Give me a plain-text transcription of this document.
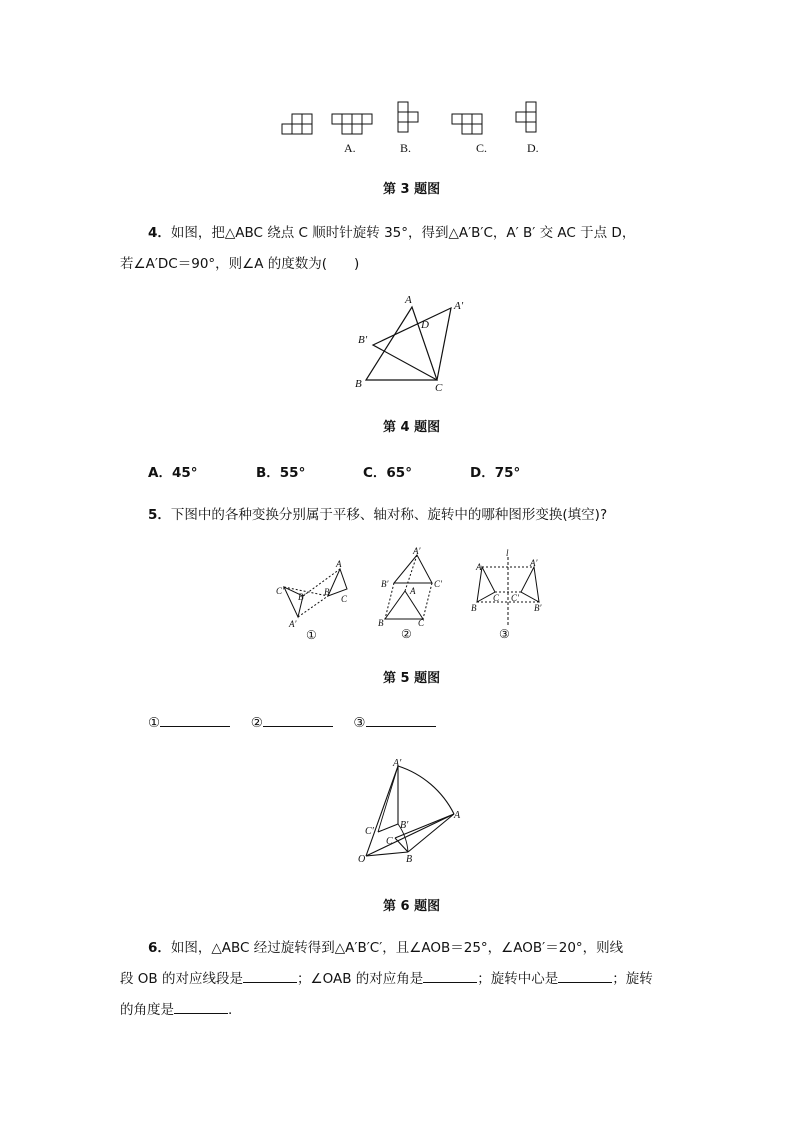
A.	B.	C.	D.
第 3 题图
4．如图，把△ABC 绕点 C 顺时针旋转 35°，得到△A′B′C，A′ B′ 交 AC 于点 D，
若∠A′DC＝90°，则∠A 的度数为(　　)
A	A′
B′
D
B	C
第 4 题图
A．45°	B．55°	C．65°	D．75°
5．下图中的各种变换分别属于平移、轴对称、旋转中的哪种图形变换(填空)?
C′
B′
A′
A
B
C
①
A′
B′	C′
A
B	C
②
l
A	A′
C C′
B	B′
③
第 5 题图
①	②	③
A′
A
C′
B′
C
O	B
第 6 题图
6．如图，△ABC 经过旋转得到△A′B′C′，且∠AOB＝25°，∠AOB′＝20°，则线
段 OB 的对应线段是	；∠OAB 的对应角是	；旋转中心是	；旋转
的角度是	.
